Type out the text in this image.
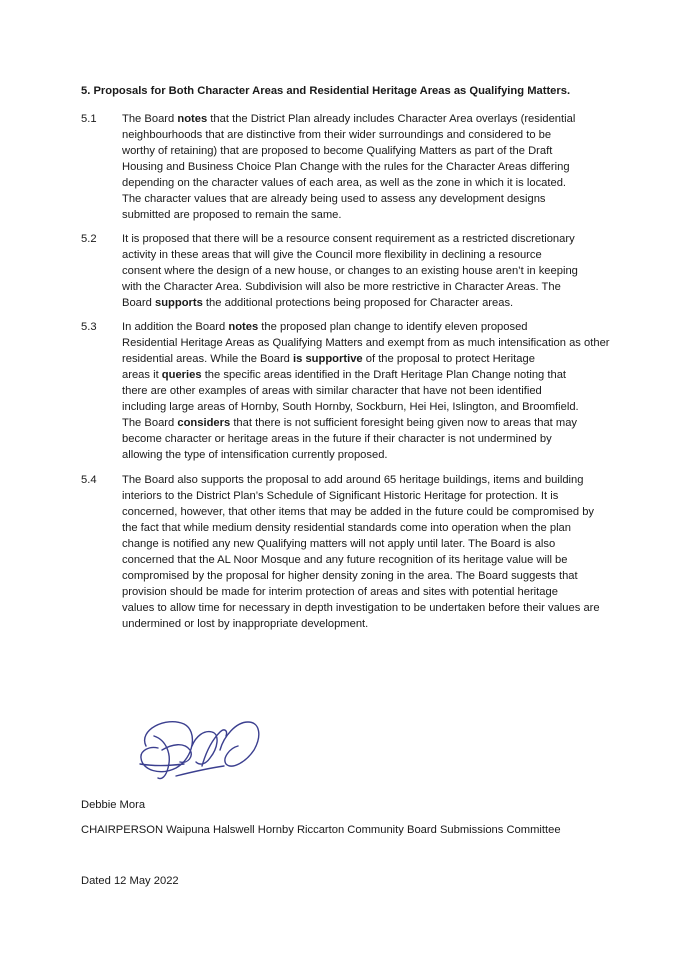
5. Proposals for Both Character Areas and Residential Heritage Areas as Qualifying Matters.
5.1	The Board notes that the District Plan already includes Character Area overlays (residential
neighbourhoods that are distinctive from their wider surroundings and considered to be
worthy of retaining) that are proposed to become Qualifying Matters as part of the Draft
Housing and Business Choice Plan Change with the rules for the Character Areas differing
depending on the character values of each area, as well as the zone in which it is located.
The character values that are already being used to assess any development designs
submitted are proposed to remain the same.
5.2	It is proposed that there will be a resource consent requirement as a restricted discretionary
activity in these areas that will give the Council more flexibility in declining a resource
consent where the design of a new house, or changes to an existing house aren’t in keeping
with the Character Area. Subdivision will also be more restrictive in Character Areas. The
Board supports the additional protections being proposed for Character areas.
5.3	In addition the Board notes the proposed plan change to identify eleven proposed
Residential Heritage Areas as Qualifying Matters and exempt from as much intensification as other
residential areas. While the Board is supportive of the proposal to protect Heritage
areas it queries the specific areas identified in the Draft Heritage Plan Change noting that
there are other examples of areas with similar character that have not been identified
including large areas of Hornby, South Hornby, Sockburn, Hei Hei, Islington, and Broomfield.
The Board considers that there is not sufficient foresight being given now to areas that may
become character or heritage areas in the future if their character is not undermined by
allowing the type of intensification currently proposed.
5.4	The Board also supports the proposal to add around 65 heritage buildings, items and building
interiors to the District Plan’s Schedule of Significant Historic Heritage for protection. It is
concerned, however, that other items that may be added in the future could be compromised by
the fact that while medium density residential standards come into operation when the plan
change is notified any new Qualifying matters will not apply until later. The Board is also
concerned that the AL Noor Mosque and any future recognition of its heritage value will be
compromised by the proposal for higher density zoning in the area. The Board suggests that
provision should be made for interim protection of areas and sites with potential heritage
values to allow time for necessary in depth investigation to be undertaken before their values are
undermined or lost by inappropriate development.
Debbie Mora
CHAIRPERSON Waipuna Halswell Hornby Riccarton Community Board Submissions Committee
Dated 12 May 2022
